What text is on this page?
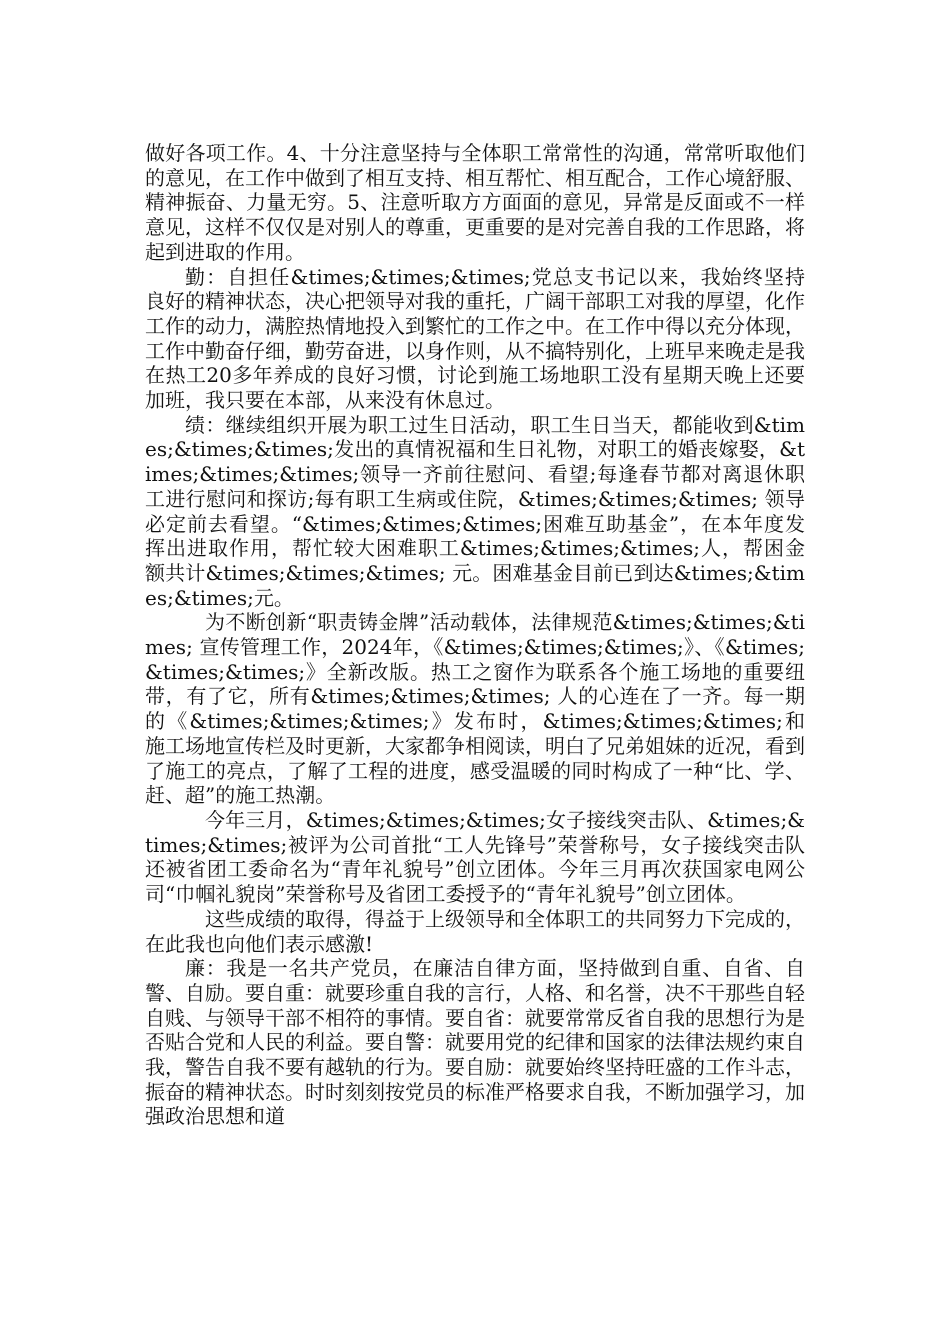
做好各项工作。4、十分注意坚持与全体职工常常性的沟通，常常听取他们的意见，在工作中做到了相互支持、相互帮忙、相互配合，工作心境舒服、精神振奋、力量无穷。5、注意听取方方面面的意见，异常是反面或不一样意见，这样不仅仅是对别人的尊重，更重要的是对完善自我的工作思路，将起到进取的作用。

勤：自担任&times;&times;&times;党总支书记以来，我始终坚持良好的精神状态，决心把领导对我的重托，广阔干部职工对我的厚望，化作工作的动力，满腔热情地投入到繁忙的工作之中。在工作中得以充分体现，工作中勤奋仔细，勤劳奋进，以身作则，从不搞特别化，上班早来晚走是我在热工20多年养成的良好习惯，讨论到施工场地职工没有星期天晚上还要加班，我只要在本部，从来没有休息过。

绩：继续组织开展为职工过生日活动，职工生日当天，都能收到&times;&times;&times;发出的真情祝福和生日礼物，对职工的婚丧嫁娶，&times;&times;&times;领导一齐前往慰问、看望;每逢春节都对离退休职工进行慰问和探访;每有职工生病或住院，&times;&times;&times; 领导必定前去看望。“&times;&times;&times;困难互助基金”，在本年度发挥出进取作用，帮忙较大困难职工&times;&times;&times;人，帮困金额共计&times;&times;&times; 元。困难基金目前已到达&times;&times;&times;元。

为不断创新“职责铸金牌”活动载体，法律规范&times;&times;&times; 宣传管理工作，2024年，《&times;&times;&times;》、《&times;&times;&times;》全新改版。热工之窗作为联系各个施工场地的重要纽带，有了它，所有&times;&times;&times; 人的心连在了一齐。每一期的《&times;&times;&times;》发布时，&times;&times;&times;和施工场地宣传栏及时更新，大家都争相阅读，明白了兄弟姐妹的近况，看到了施工的亮点，了解了工程的进度，感受温暖的同时构成了一种“比、学、赶、超”的施工热潮。

今年三月，&times;&times;&times;女子接线突击队、&times;&times;&times;被评为公司首批“工人先锋号”荣誉称号，女子接线突击队还被省团工委命名为“青年礼貌号”创立团体。今年三月再次获国家电网公司“巾帼礼貌岗”荣誉称号及省团工委授予的“青年礼貌号”创立团体。

这些成绩的取得，得益于上级领导和全体职工的共同努力下完成的，在此我也向他们表示感激!

廉：我是一名共产党员，在廉洁自律方面，坚持做到自重、自省、自警、自励。要自重：就要珍重自我的言行，人格、和名誉，决不干那些自轻自贱、与领导干部不相符的事情。要自省：就要常常反省自我的思想行为是否贴合党和人民的利益。要自警：就要用党的纪律和国家的法律法规约束自我，警告自我不要有越轨的行为。要自励：就要始终坚持旺盛的工作斗志，振奋的精神状态。时时刻刻按党员的标准严格要求自我，不断加强学习，加强政治思想和道
